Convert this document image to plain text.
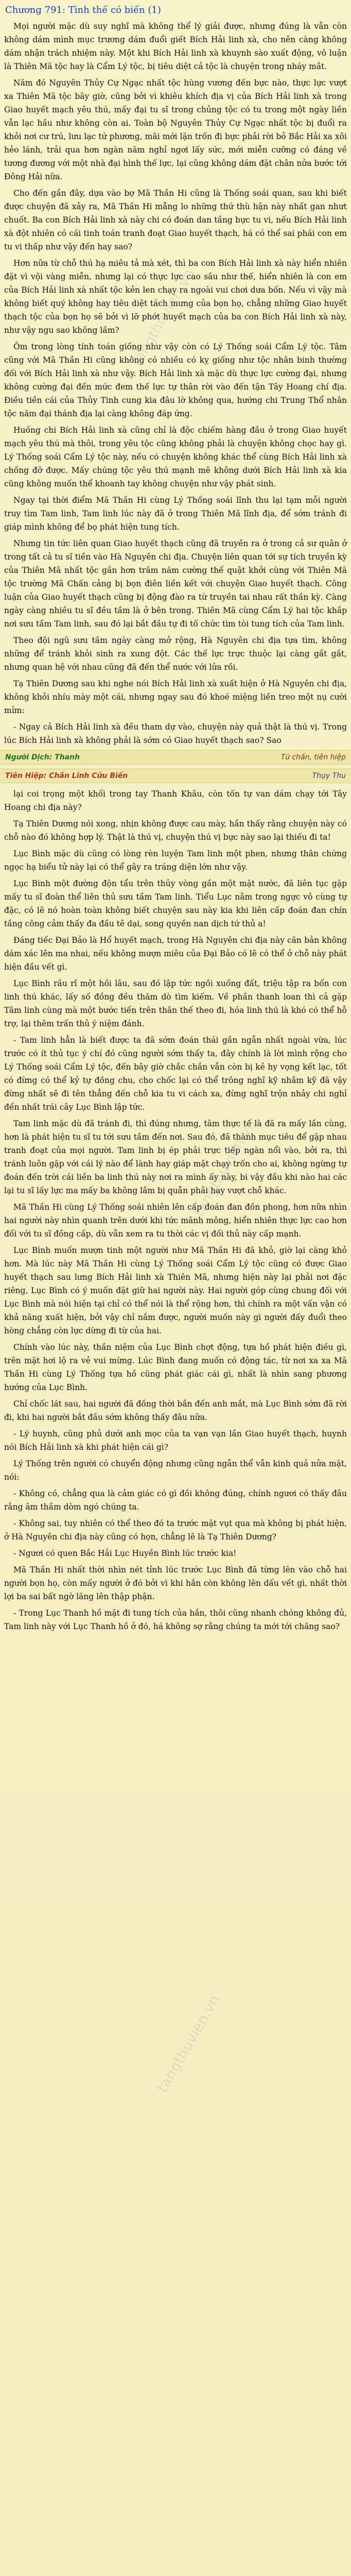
Chương 791: Tình thế có biến (1)

Mọi người mặc dù suy nghĩ mà không thể lý giải được, nhưng đúng là vẫn còn không dám mình mục trương dám đuổi giết Bích Hải linh xà, cho nên càng không dám nhận trách nhiệm này. Một khi Bích Hải linh xà khuynh sào xuất động, vô luận là Thiên Mã tộc hay là Cẩm Lý tộc, bị tiêu diệt cả tộc là chuyện trong nháy mắt.

Năm đó Nguyên Thủy Cự Ngạc nhất tộc hùng vương đến bực nào, thực lực vượt xa Thiên Mã tộc bây giờ, cũng bởi vì khiêu khích địa vị của Bích Hải linh xà trong Giao huyết mạch yêu thú, mấy đại tu sĩ trong chủng tộc có tu trong một ngày liền vẫn lạc hầu như không còn ai. Toàn bộ Nguyên Thủy Cự Ngạc nhất tộc bị đuổi ra khỏi nơi cư trú, lưu lạc tứ phương, mãi mới lặn trốn đi bực phải rời bỏ Bắc Hải xa xôi hẻo lánh, trải qua hơn ngàn năm nghỉ ngơi lấy sức, mới miễn cưỡng có đáng về tương đương với một nhà đại hình thế lực, lại cũng không dám đặt chân nửa bước tới Đông Hải nữa.

Cho đến gần đây, dựa vào bợ Mã Thần Hi cũng là Thống soái quan, sau khi biết được chuyện đã xảy ra, Mã Thần Hi mẵng lo những thứ thù hận này nhất gan nhưt chuốt. Ba con Bích Hải linh xà này chi có đoán dan tầng bực tu vi, nếu Bích Hải linh xà đột nhiên có cái tinh toán tranh đoạt Giao huyết thạch, há có thể sai phái con em tu vi thấp như vậy đến hay sao?

Hơn nữa từ chỗ thú hạ miêu tả mà xét, thì ba con Bích Hải linh xà này hiển nhiên đặt vì vội vàng miễn, nhưng lại có thực lực cao sâu như thế, hiển nhiên là con em của Bích Hải linh xà nhất tộc kẻn len chạy ra ngoài vui chơi dưa bốn. Nếu vì vậy mà không biết quý không hay tiêu diệt tách mưng của bọn họ, chẳng những Giao huyết thạch tộc của bọn họ sẽ bởi vì lỡ phớt huyết mạch của ba con Bích Hải linh xà này, như vậy ngu sao không lầm?

Ôm trong lòng tính toán giống như vậy còn có Lý Thống soái Cẩm Lý tộc. Tâm cũng với Mã Thần Hi cũng không có nhiều có kỵ giống như tộc nhân binh thường đối với Bích Hải linh xà như vậy. Bích Hải linh xà mặc dù thực lực cường đại, nhưng không cường đại đến mức đem thế lực tự thân rời vào đến tận Tây Hoang chí địa. Điều tiền cái của Thủy Tinh cung kia đâu lờ không qua, hướng chi Trung Thổ nhân tộc năm đại thánh địa lại càng không đáp ứng.

Huống chi Bích Hải linh xà cũng chỉ là độc chiếm hàng đầu ở trong Giao huyết mạch yêu thú mà thôi, trong yêu tộc cũng không phải là chuyện không chọc hay gì. Lý Thống soái Cẩm Lý tộc này, nếu có chuyện không khác thể cùng Bích Hải linh xà chống đỡ được. Mấy chúng tộc yêu thú mạnh mẽ không dưới Bích Hải linh xà kia cũng không muốn thể khoanh tay không chuyện như vậy phát sinh.

Ngay tại thời điểm Mã Thần Hi cùng Lý Thống soái lĩnh thu lại tạm mỗi người truy tìm Tam linh, Tam linh lúc này đã ở trong Thiên Mã lĩnh địa, để sớm tránh đi giáp mình không để bọ phát hiện tung tích.

Nhưng tin tức liên quan Giao huyết thạch cũng đã truyền ra ở trong cả sư quân ở trong tất cả tu sĩ tiền vào Hà Nguyên chi địa. Chuyện liên quan tới sự tích truyền kỳ của Thiên Mã nhất tộc gần hơn trăm năm cường thế quật khởi cùng với Thiên Mã tộc trường Mã Chấn cảng bị bọn điên liền kết với chuyện Giao huyết thạch. Công luận của Giao huyết thạch cũng bị động đào ra từ truyền tai nhau rất thần kỳ. Càng ngày càng nhiều tu sĩ đều tầm là ở bên trong. Thiên Mã cùng Cẩm Lý hai tộc khắp nơi sưu tầm Tam linh, sau đó lại bắt đầu tự đi tố chức tìm tòi tung tích của Tam linh.

Theo đội ngũ sưu tầm ngày càng mở rộng, Hà Nguyên chi địa tựa tìm, không những để tránh khỏi sinh ra xung đột. Các thế lực trực thuộc lại càng gắt gắt, nhưng quan hệ với nhau cũng đã đến thể nước với lửa rồi.

Tạ Thiên Dương sau khi nghe nói Bích Hải linh xà xuất hiện ở Hà Nguyên chi địa, không khỏi nhíu mày một cái, nhưng ngay sau đó khoé miệng liền treo một nụ cười mỉm:

- Ngay cả Bích Hải linh xà đều tham dự vào, chuyện này quả thật là thú vị. Trong lúc Bích Hải linh xà không phải là sớm có Giao huyết thạch sao? Sao

Người Dịch: Thanh	Tứ chấn, tiên hiệp
Tiên Hiệp: Chân Linh Cửu Biến	Thụy Thu

lại coi trọng một khối trong tay Thanh Khâu, còn tốn tự van dám chạy tới Tây Hoang chi địa này?

Tạ Thiên Dương nói xong, nhịn không được cau mày, hắn thấy rằng chuyện này có chỗ nào đó không hợp lý. Thật là thú vị, chuyện thú vị bực này sao lại thiếu đi ta!

Lục Bình mặc dù cũng có lòng rèn luyện Tam linh một phen, nhưng thân chứng ngọc hạ biểu tử này lại có thể gây ra tráng diện lớn như vậy.

Lục Bình một đường độn tẩu trên thủy vòng gần một mặt nước, đã liên tục gặp mấy tu sĩ đoàn thể liên thủ sưu tầm Tam linh. Tiểu Lục nằm trong ngực vô cùng tự đặc, có lẽ nó hoàn toàn không biết chuyện sau này kia khi liên cấp đoán đan chín tầng công cảm thấy đa đầu tê dại, song quyền nan dịch tứ thủ a!

Đáng tiếc Đại Bảo là Hổ huyết mạch, trong Hà Nguyên chi địa này căn bản không dám xác lên ma nhai, nếu không mượn miêu của Đại Bảo có lẽ có thể ở chỗ này phát hiện đầu vết gì.

Lục Bình rầu rĩ một hồi lâu, sau đó lập tức ngồi xuống đất, triệu tập ra bốn con linh thú khác, lấy số đồng đều thăm dò tìm kiếm. Về phần thanh loan thì cả gặp Tâm linh cùng mà một bước tiến trên thân thế theo đi, hóa linh thú là khó có thể hỗ trợ, lại thêm trấn thủ ý niệm đánh.

- Tam linh hẳn là biết được ta đã sớm đoán thái gần ngẫn nhất ngoài vừa, lúc trước có ít thủ tục ý chí đó cũng người sớm thấy ta, đây chính là lời mình rộng cho Lý Thống soái Cẩm Lý tộc, đến bây giờ chắc chắn vẫn còn bị kẻ hy vọng kết lạc, tốt có đừng có thể kỷ tự đồng chu, cho chốc lại có thể trông nghĩ kỹ nhắm kỹ đã vậy đừng nhất sẽ đi tên thẳng đến chỗ kia tu vi cách xa, đừng nghĩ trộn nhảy chi nghỉ đến nhất trái cây Lục Bình lập tức.

Tam linh mặc dù đã tránh đi, thì đúng nhưng, tâm thực tế là đã ra mấy lần cùng, hơn là phát hiện tu sĩ tu tới sưu tầm đến nơi. Sau đó, đã thành mục tiêu để gặp nhau tranh đoạt của mọi người. Tam linh bị ép phải trực tiếp ngàn nổi vào, bởi ra, thì tránh luôn gặp với cái lý nào để lành hay giáp mặt chạy trốn cho ai, không ngừng tự đoán đến trời cái liền ba linh thú này nơi ra mình ấy này, bi vậy đầu khi nào hai các lại tu sĩ lấy lực ma mấy ba không lắm bị quẫn phải hay vượt chỗ khác.

Mã Thần Hi cùng Lý Thống soái nhiên lên cấp đoán đan đồn phong, hơn nữa nhìn hai người này nhìn quanh trên dưới khi tức mãnh mông, hiển nhiên thực lực cao hơn đối với tu sĩ đồng cấp, dù vẫn xem ra tu thời các vị đối thủ này cấp mạnh.

Lục Bình muốn mượn tinh một người như Mã Thần Hi đã khỏ, giờ lại càng khỏ hơn. Mà lúc này Mã Thần Hi cùng Lý Thống soái Cẩm Lý tộc cũng có được Giao huyết thạch sau lưng Bích Hải linh xà Thiên Mã, nhưng hiện này lại phải nơi đặc riêng, Lục Bình có ý muốn đặt giữ hai người này. Hai người góp cùng chung đối với Lục Bình mà nói hiện tại chỉ có thể nói là thể rộng hơn, thì chính ra một vấn vận có khả năng xuất hiện, bởi vậy chỉ nắm được, người muốn này gì người đấy đuổi theo hòng chẳng còn lực dừng đi từ của hai.

Chính vào lúc này, thần niệm của Lục Bình chợt động, tựa hồ phát hiện điều gì, trên mặt hơi lộ ra vẻ vui mừng. Lúc Bình đang muốn có động tác, từ nơi xa xa Mã Thần Hi cùng Lý Thống tựa hồ cũng phát giác cái gì, nhất là nhìn sang phương hướng của Lục Bình.

Chỉ chốc lát sau, hai người đã đồng thời bắn đến anh mắt, mà Lục Bình sớm đã rời đi, khi hai người bắt đầu sớm không thấy đâu nữa.

- Lý huynh, cũng phủ dưới anh mọc của ta vạn vạn lần Giao huyết thạch, huynh nói Bích Hải linh xà khi phát hiện cái gì?

Lý Thống trên người có chuyển động nhưng cũng ngẫn thể vẫn kinh quả nửa mặt, nói:

- Không có, chẳng qua là cảm giác có gì đồi không đúng, chính ngươi có thấy đâu rằng âm thầm dòm ngó chúng ta.

- Không sai, tuy nhiên có thể theo đó ta trước mặt vụt qua mà không bị phát hiện, ở Hà Nguyên chi địa này cũng có họn, chẳng lẽ là Tạ Thiên Dương?

- Ngươi có quen Bắc Hải Lục Huyền Bình lúc trước kia!

Mã Thần Hi nhất thời nhìn nét tỉnh lúc trước Lục Bình đã từng lên vào chỗ hai người bọn họ, còn mấy người ở đó bởi vì khi hắn còn không lên dấu vết gì, nhất thời lợi ba sai bất ngờ lăng lên thập phận.

- Trong Lục Thanh hồ mặt đi tung tích của hắn, thôi cũng nhanh chóng không đủ, Tam linh này với Lục Thanh hồ ở đó, há không sợ rằng chúng ta mới tới chăng sao?

tangthuvien.vn
tangthuvien.vn
tangthuvien.vn
